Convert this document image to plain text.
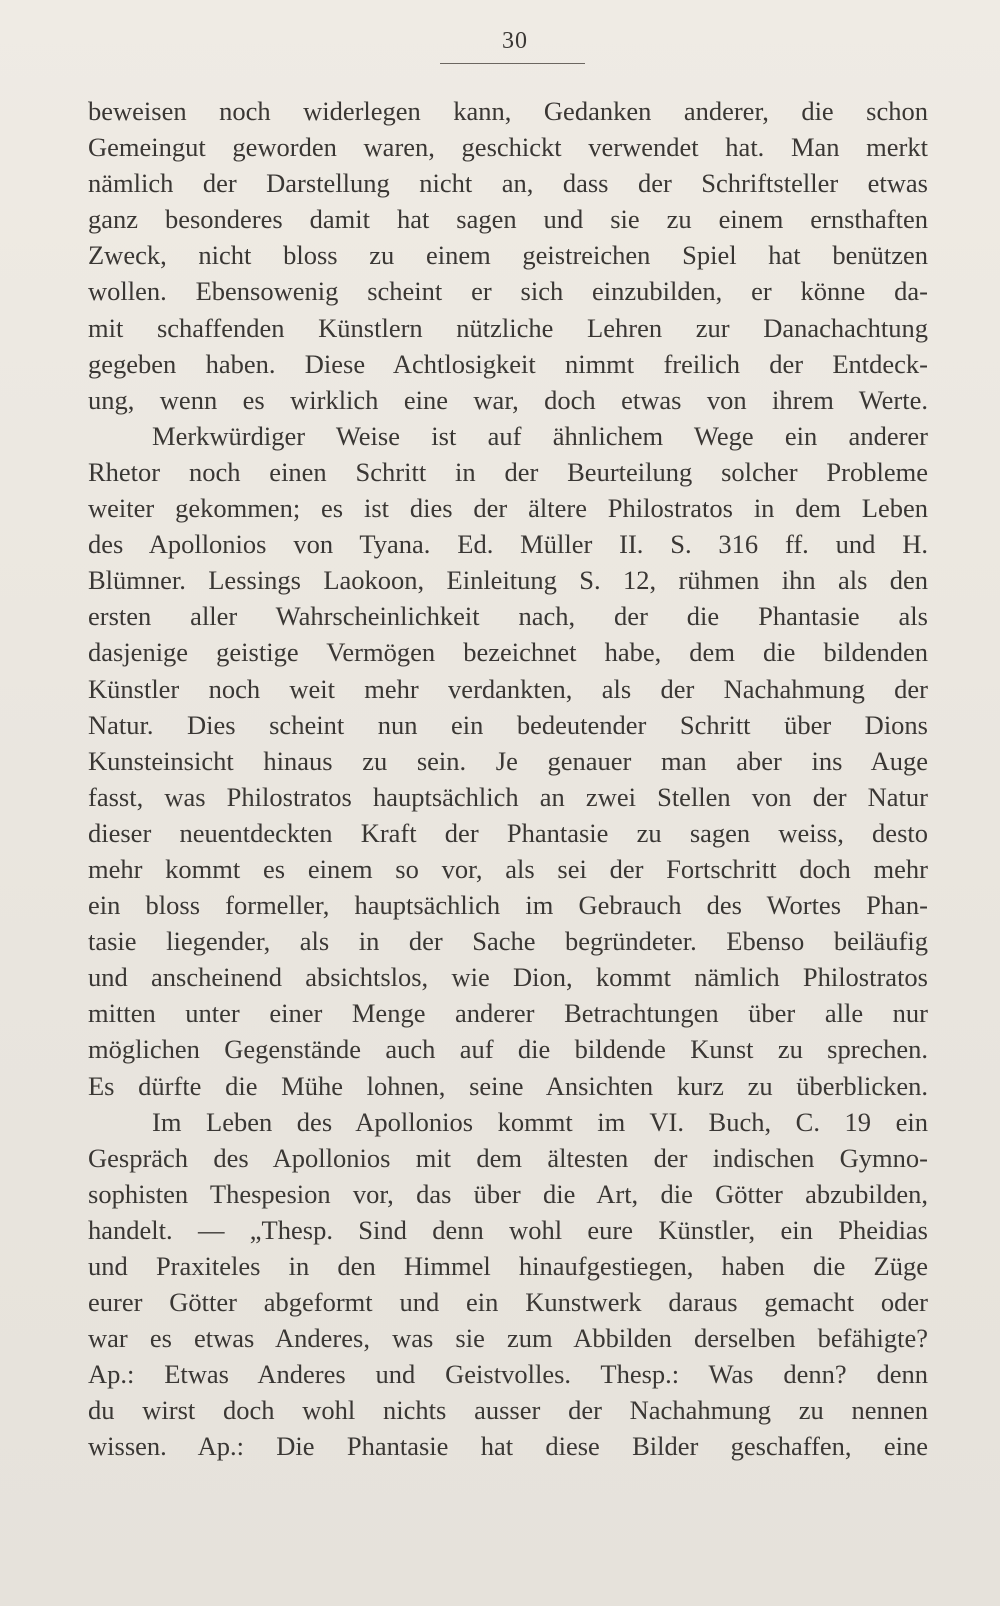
30
beweisen noch widerlegen kann, Gedanken anderer, die schon
Gemeingut geworden waren, geschickt verwendet hat. Man merkt
nämlich der Darstellung nicht an, dass der Schriftsteller etwas
ganz besonderes damit hat sagen und sie zu einem ernsthaften
Zweck, nicht bloss zu einem geistreichen Spiel hat benützen
wollen. Ebensowenig scheint er sich einzubilden, er könne da-
mit schaffenden Künstlern nützliche Lehren zur Danachachtung
gegeben haben. Diese Achtlosigkeit nimmt freilich der Entdeck-
ung, wenn es wirklich eine war, doch etwas von ihrem Werte.
Merkwürdiger Weise ist auf ähnlichem Wege ein anderer
Rhetor noch einen Schritt in der Beurteilung solcher Probleme
weiter gekommen; es ist dies der ältere Philostratos in dem Leben
des Apollonios von Tyana. Ed. Müller II. S. 316 ff. und H.
Blümner. Lessings Laokoon, Einleitung S. 12, rühmen ihn als den
ersten aller Wahrscheinlichkeit nach, der die Phantasie als
dasjenige geistige Vermögen bezeichnet habe, dem die bildenden
Künstler noch weit mehr verdankten, als der Nachahmung der
Natur. Dies scheint nun ein bedeutender Schritt über Dions
Kunsteinsicht hinaus zu sein. Je genauer man aber ins Auge
fasst, was Philostratos hauptsächlich an zwei Stellen von der Natur
dieser neuentdeckten Kraft der Phantasie zu sagen weiss, desto
mehr kommt es einem so vor, als sei der Fortschritt doch mehr
ein bloss formeller, hauptsächlich im Gebrauch des Wortes Phan-
tasie liegender, als in der Sache begründeter. Ebenso beiläufig
und anscheinend absichtslos, wie Dion, kommt nämlich Philostratos
mitten unter einer Menge anderer Betrachtungen über alle nur
möglichen Gegenstände auch auf die bildende Kunst zu sprechen.
Es dürfte die Mühe lohnen, seine Ansichten kurz zu überblicken.
Im Leben des Apollonios kommt im VI. Buch, C. 19 ein
Gespräch des Apollonios mit dem ältesten der indischen Gymno-
sophisten Thespesion vor, das über die Art, die Götter abzubilden,
handelt. — „Thesp. Sind denn wohl eure Künstler, ein Pheidias
und Praxiteles in den Himmel hinaufgestiegen, haben die Züge
eurer Götter abgeformt und ein Kunstwerk daraus gemacht oder
war es etwas Anderes, was sie zum Abbilden derselben befähigte?
Ap.: Etwas Anderes und Geistvolles. Thesp.: Was denn? denn
du wirst doch wohl nichts ausser der Nachahmung zu nennen
wissen. Ap.: Die Phantasie hat diese Bilder geschaffen, eine
